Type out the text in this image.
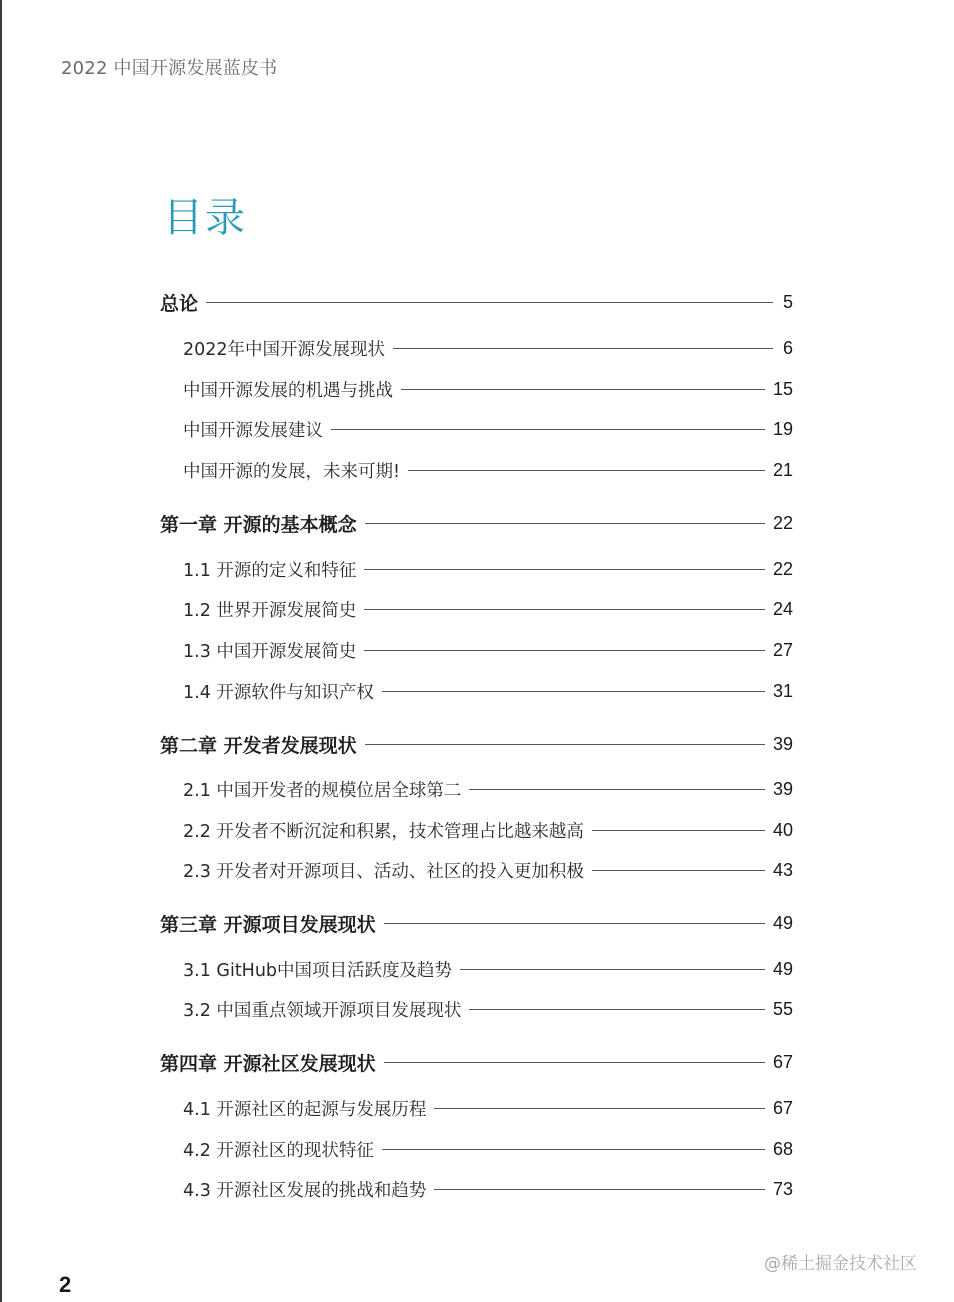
2022 中国开源发展蓝皮书
目录
总论	5
2022年中国开源发展现状	6
中国开源发展的机遇与挑战	15
中国开源发展建议	19
中国开源的发展，未来可期!	21
第一章 开源的基本概念	22
1.1 开源的定义和特征	22
1.2 世界开源发展简史	24
1.3 中国开源发展简史	27
1.4 开源软件与知识产权	31
第二章 开发者发展现状	39
2.1 中国开发者的规模位居全球第二	39
2.2 开发者不断沉淀和积累，技术管理占比越来越高	40
2.3 开发者对开源项目、活动、社区的投入更加积极	43
第三章 开源项目发展现状	49
3.1 GitHub中国项目活跃度及趋势	49
3.2 中国重点领域开源项目发展现状	55
第四章 开源社区发展现状	67
4.1 开源社区的起源与发展历程	67
4.2 开源社区的现状特征	68
4.3 开源社区发展的挑战和趋势	73
@稀土掘金技术社区
2
